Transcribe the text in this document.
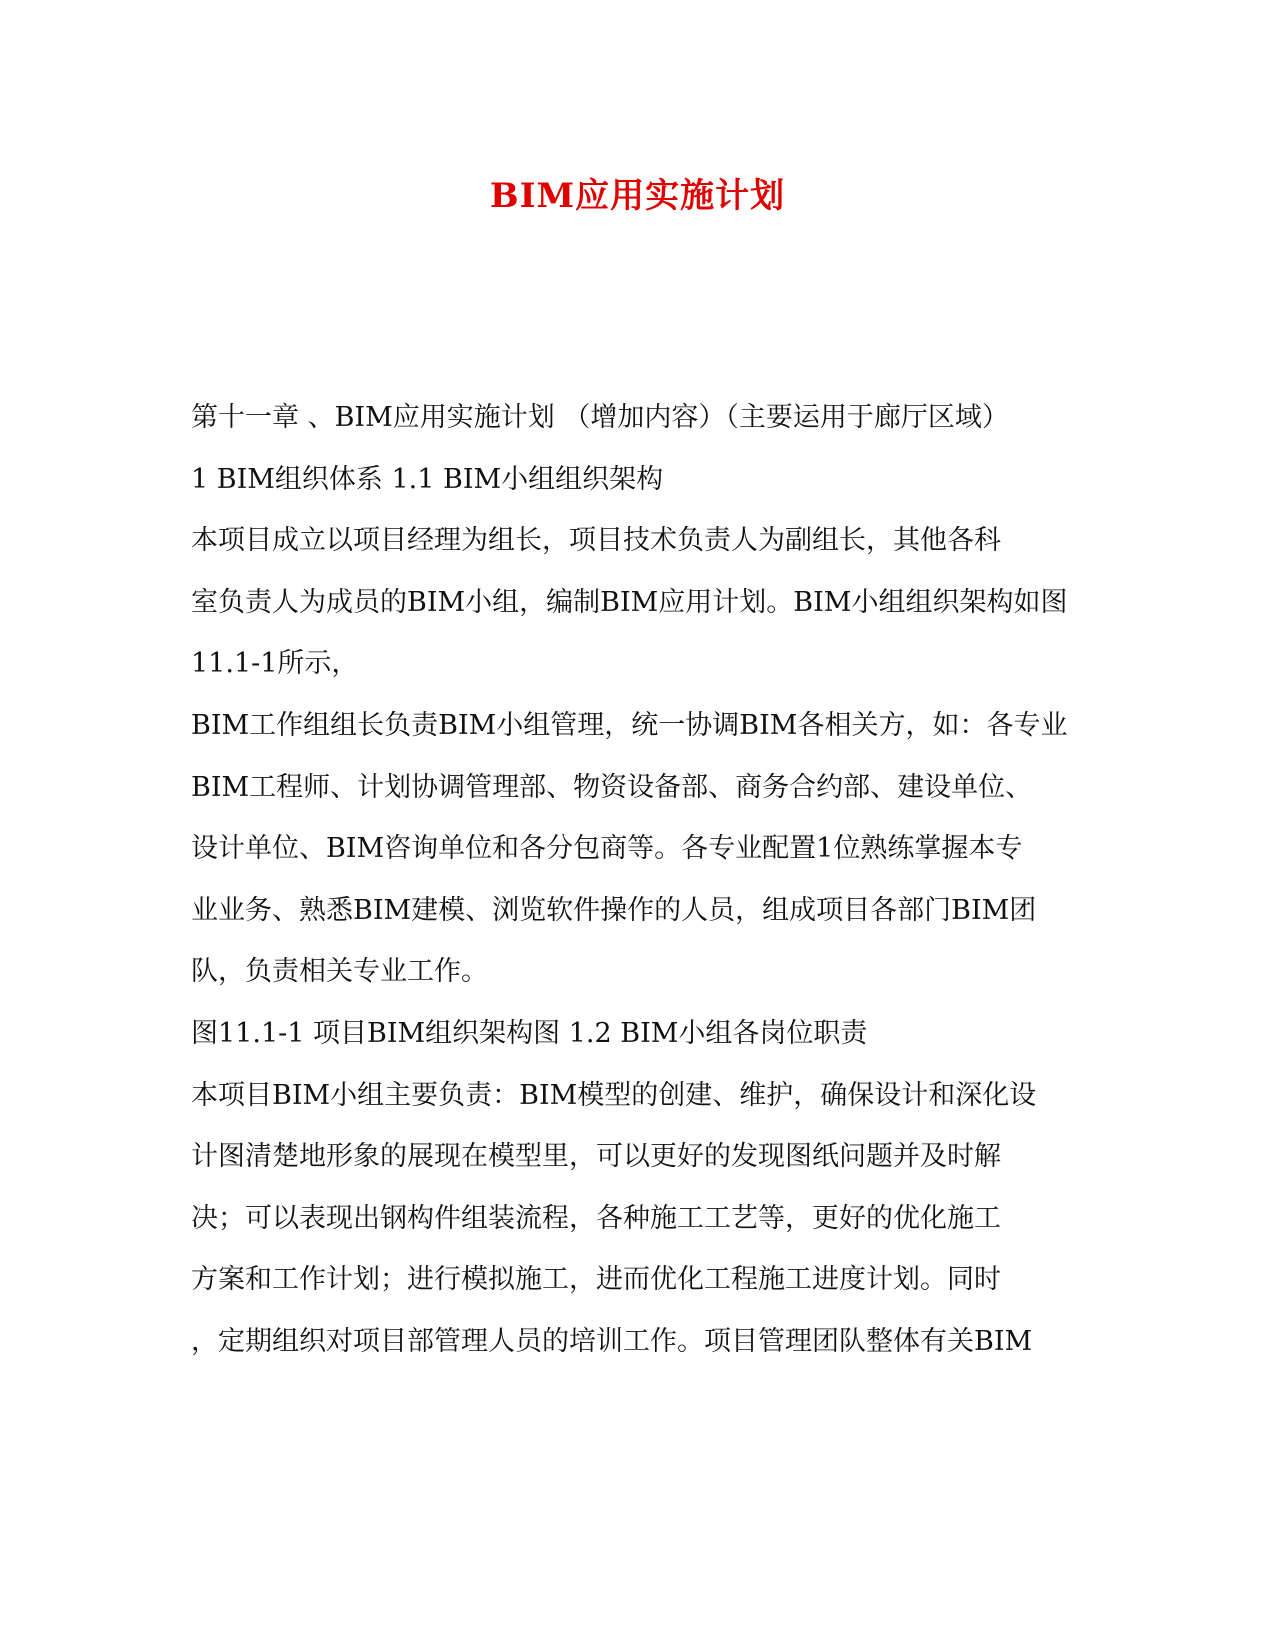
BIM应用实施计划
第十一章 、BIM应用实施计划 （增加内容）（主要运用于廊厅区域）
1 BIM组织体系 1.1 BIM小组组织架构
本项目成立以项目经理为组长，项目技术负责人为副组长，其他各科
室负责人为成员的BIM小组，编制BIM应用计划。BIM小组组织架构如图
11.1-1所示，
BIM工作组组长负责BIM小组管理，统一协调BIM各相关方，如：各专业
BIM工程师、计划协调管理部、物资设备部、商务合约部、建设单位、
设计单位、BIM咨询单位和各分包商等。各专业配置1位熟练掌握本专
业业务、熟悉BIM建模、浏览软件操作的人员，组成项目各部门BIM团
队，负责相关专业工作。
图11.1-1 项目BIM组织架构图 1.2 BIM小组各岗位职责
本项目BIM小组主要负责：BIM模型的创建、维护，确保设计和深化设
计图清楚地形象的展现在模型里，可以更好的发现图纸问题并及时解
决；可以表现出钢构件组装流程，各种施工工艺等，更好的优化施工
方案和工作计划；进行模拟施工，进而优化工程施工进度计划。同时
，定期组织对项目部管理人员的培训工作。项目管理团队整体有关BIM
